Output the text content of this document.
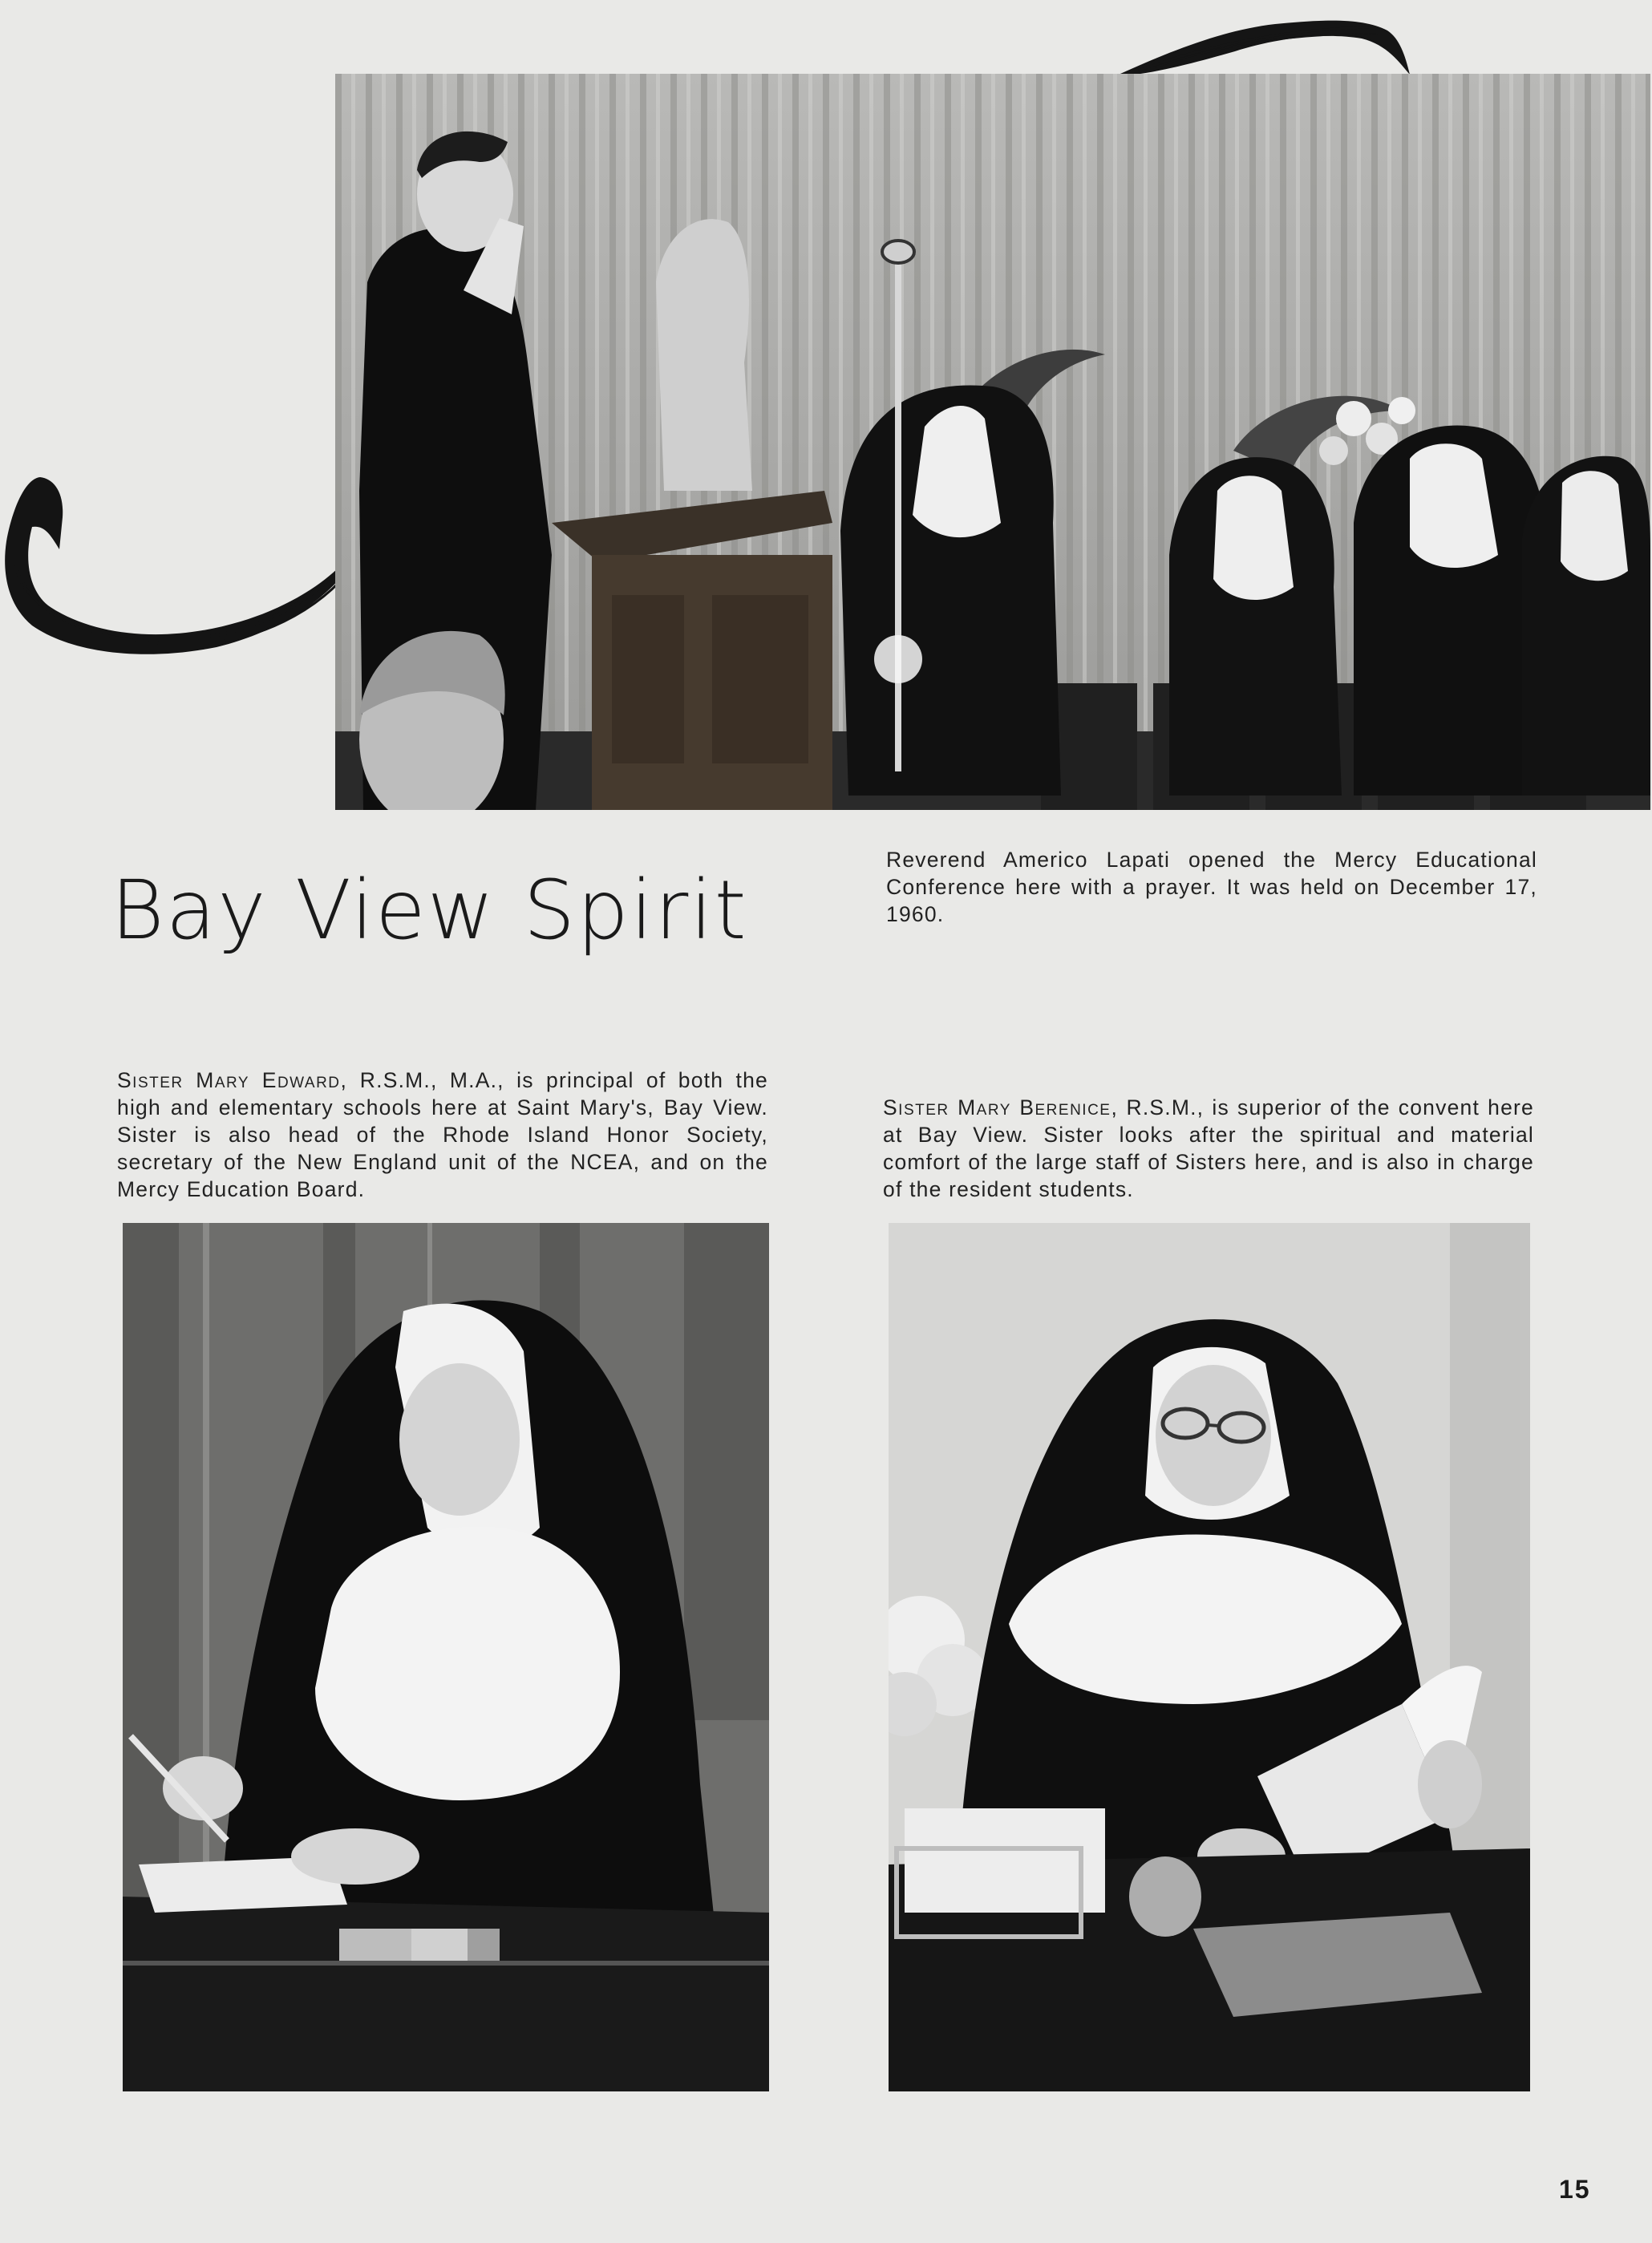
Bay View Spirit
Reverend Americo Lapati opened the Mercy Educational Conference here with a prayer. It was held on December 17, 1960.
Sister Mary Edward, R.S.M., M.A., is principal of both the high and elementary schools here at Saint Mary's, Bay View. Sister is also head of the Rhode Island Honor Society, secretary of the New England unit of the NCEA, and on the Mercy Education Board.
Sister Mary Berenice, R.S.M., is superior of the convent here at Bay View. Sister looks after the spiritual and material comfort of the large staff of Sisters here, and is also in charge of the resident students.
15
